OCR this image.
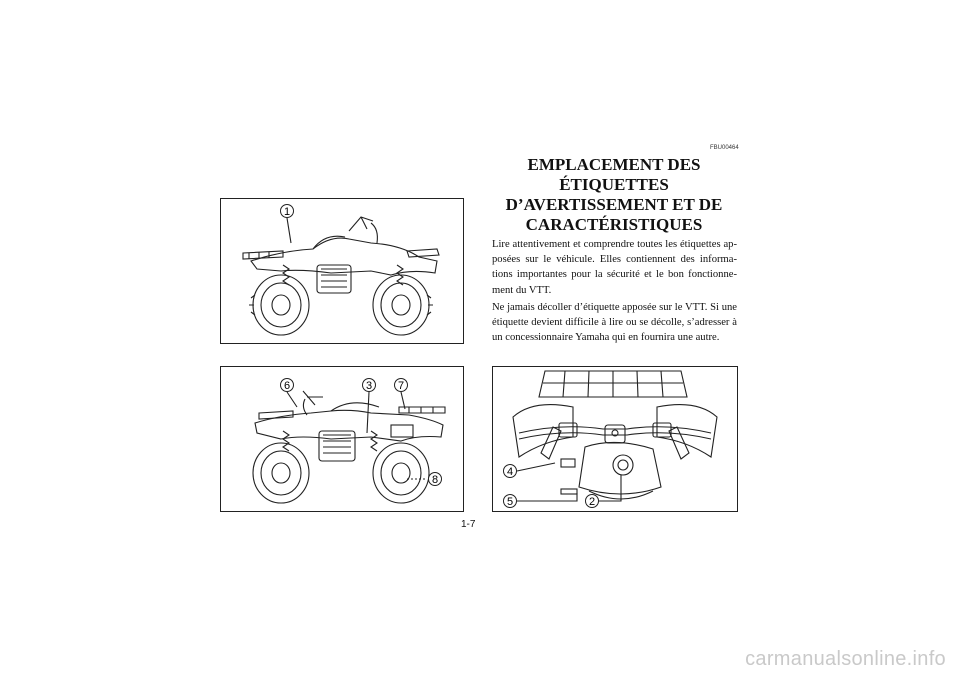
1
6	3 7
8
4
5	2
FBU00464
EMPLACEMENT DES
ÉTIQUETTES
D’AVERTISSEMENT ET DE
CARACTÉRISTIQUES

Lire attentivement et comprendre toutes les étiquettes ap-posées sur le véhicule. Elles contiennent des informa-tions importantes pour la sécurité et le bon fonctionne-ment du VTT.

Ne jamais décoller d’étiquette apposée sur le VTT. Si une étiquette devient difficile à lire ou se décolle, s’adresser à un concessionnaire Yamaha qui en fournira une autre.

1-7
carmanualsonline.info
